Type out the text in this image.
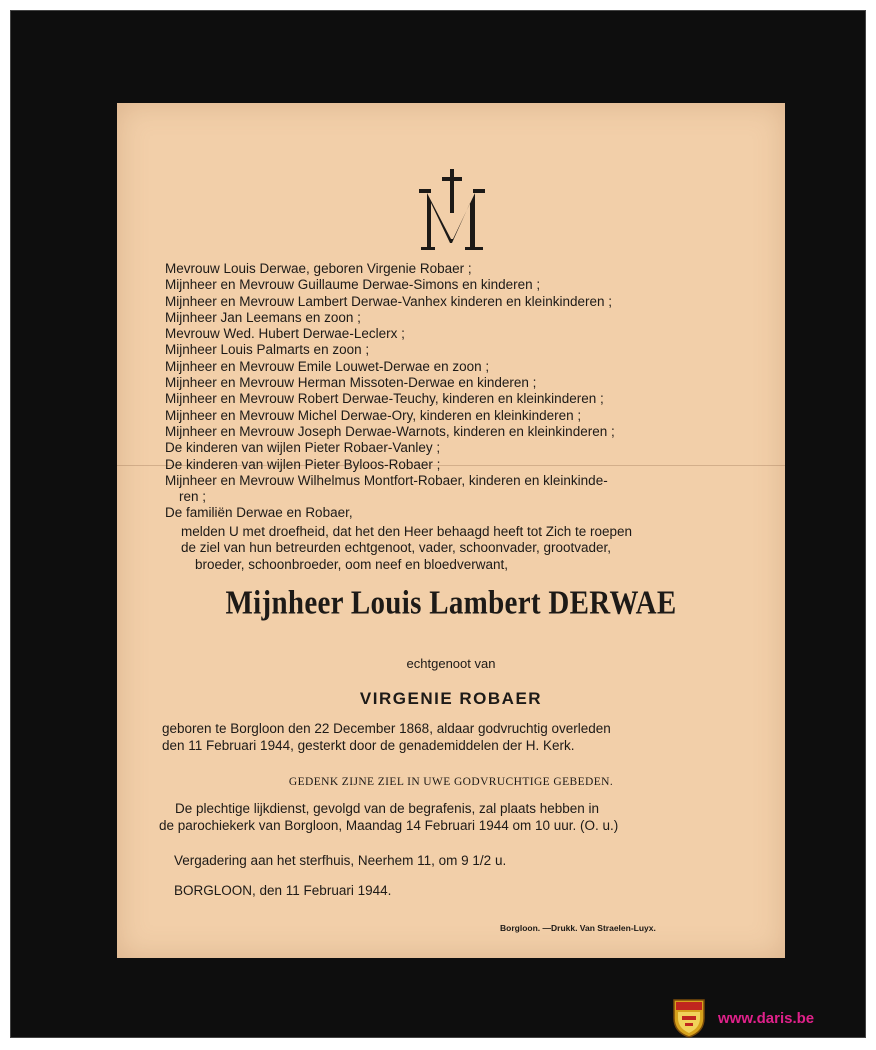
Mevrouw Louis Derwae, geboren Virgenie Robaer ;
Mijnheer en Mevrouw Guillaume Derwae-Simons en kinderen ;
Mijnheer en Mevrouw Lambert Derwae-Vanhex kinderen en kleinkinderen ;
Mijnheer Jan Leemans en zoon ;
Mevrouw Wed. Hubert Derwae-Leclerx ;
Mijnheer Louis Palmarts en zoon ;
Mijnheer en Mevrouw Emile Louwet-Derwae en zoon ;
Mijnheer en Mevrouw Herman Missoten-Derwae en kinderen ;
Mijnheer en Mevrouw Robert Derwae-Teuchy, kinderen en kleinkinderen ;
Mijnheer en Mevrouw Michel Derwae-Ory, kinderen en kleinkinderen ;
Mijnheer en Mevrouw Joseph Derwae-Warnots, kinderen en kleinkinderen ;
De kinderen van wijlen Pieter Robaer-Vanley ;
De kinderen van wijlen Pieter Byloos-Robaer ;
Mijnheer en Mevrouw Wilhelmus Montfort-Robaer, kinderen en kleinkinde-
ren ;
De familiën Derwae en Robaer,
melden U met droefheid, dat het den Heer behaagd heeft tot Zich te roepen
de ziel van hun betreurden echtgenoot, vader, schoonvader, grootvader,
broeder, schoonbroeder, oom neef en bloedverwant,
Mijnheer Louis Lambert DERWAE
echtgenoot van
VIRGENIE ROBAER
geboren te Borgloon den 22 December 1868, aldaar godvruchtig overleden
den 11 Februari 1944, gesterkt door de genademiddelen der H. Kerk.
GEDENK ZIJNE ZIEL IN UWE GODVRUCHTIGE GEBEDEN.
De plechtige lijkdienst, gevolgd van de begrafenis, zal plaats hebben in
de parochiekerk van Borgloon, Maandag 14 Februari 1944 om 10 uur. (O. u.)
Vergadering aan het sterfhuis, Neerhem 11, om 9 1/2 u.
BORGLOON, den 11 Februari 1944.
Borgloon. —Drukk. Van Straelen-Luyx.
www.daris.be
